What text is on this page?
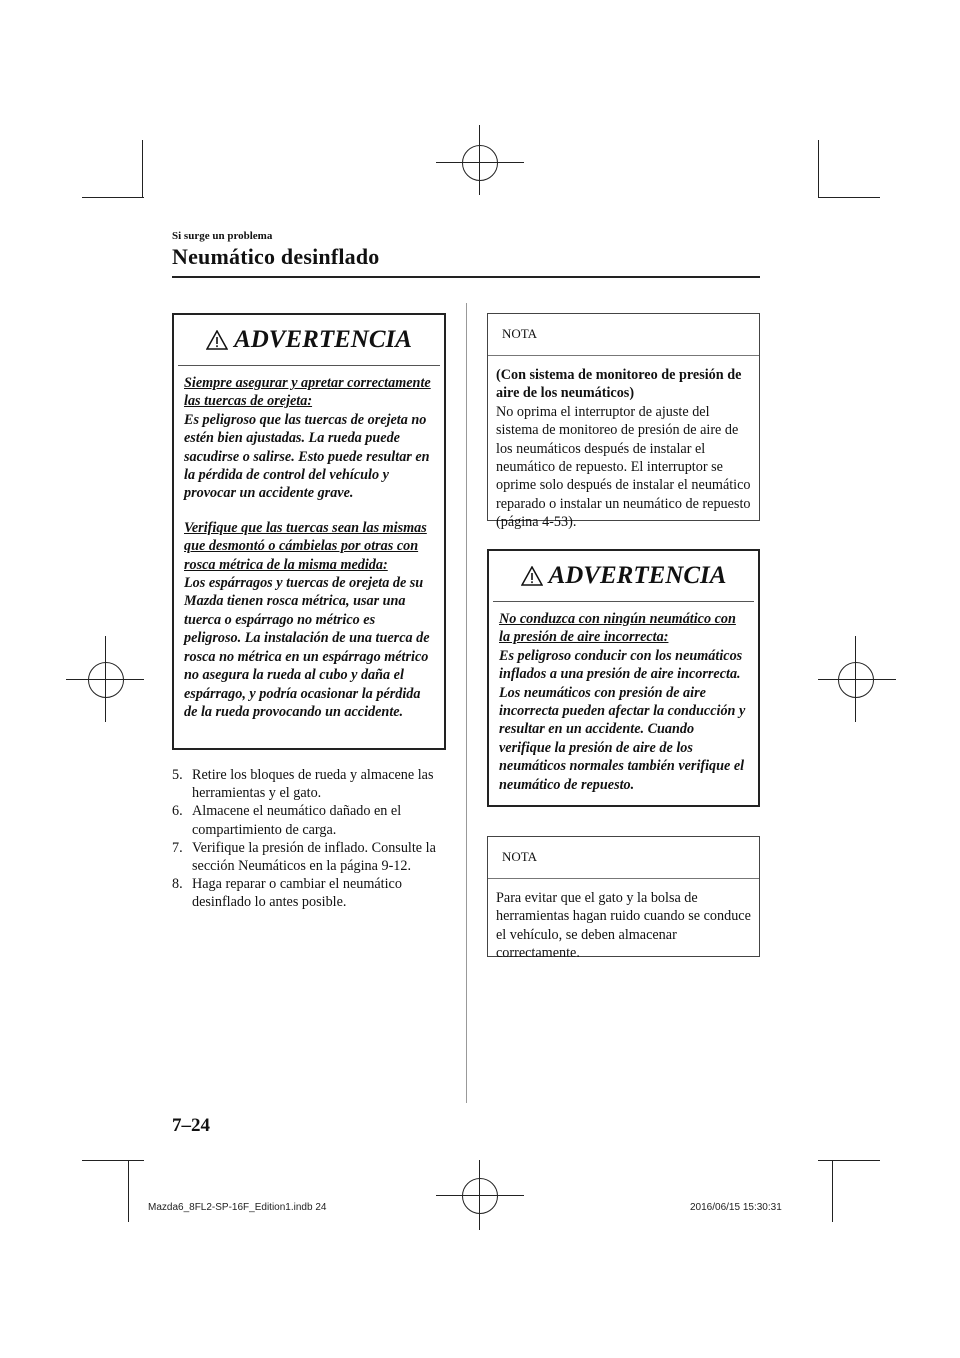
Si surge un problema
Neumático desinflado
ADVERTENCIA

Siempre asegurar y apretar correctamente las tuercas de orejeta:

Es peligroso que las tuercas de orejeta no estén bien ajustadas. La rueda puede sacudirse o salirse. Esto puede resultar en la pérdida de control del vehículo y provocar un accidente grave.

Verifique que las tuercas sean las mismas que desmontó o cámbielas por otras con rosca métrica de la misma medida:

Los espárragos y tuercas de orejeta de su Mazda tienen rosca métrica, usar una tuerca o espárrago no métrico es peligroso. La instalación de una tuerca de rosca no métrica en un espárrago métrico no asegura la rueda al cubo y daña el espárrago, y podría ocasionar la pérdida de la rueda provocando un accidente.

5. Retire los bloques de rueda y almacene las herramientas y el gato.
6. Almacene el neumático dañado en el compartimiento de carga.
7. Verifique la presión de inflado. Consulte la sección Neumáticos en la página 9-12.
8. Haga reparar o cambiar el neumático desinflado lo antes posible.
NOTA
(Con sistema de monitoreo de presión de aire de los neumáticos)
No oprima el interruptor de ajuste del sistema de monitoreo de presión de aire de los neumáticos después de instalar el neumático de repuesto. El interruptor se oprime solo después de instalar el neumático reparado o instalar un neumático de repuesto (página 4-53).
ADVERTENCIA

No conduzca con ningún neumático con la presión de aire incorrecta:

Es peligroso conducir con los neumáticos inflados a una presión de aire incorrecta. Los neumáticos con presión de aire incorrecta pueden afectar la conducción y resultar en un accidente. Cuando verifique la presión de aire de los neumáticos normales también verifique el neumático de repuesto.

NOTA
Para evitar que el gato y la bolsa de herramientas hagan ruido cuando se conduce el vehículo, se deben almacenar correctamente.
7–24
Mazda6_8FL2-SP-16F_Edition1.indb 24	2016/06/15 15:30:31
